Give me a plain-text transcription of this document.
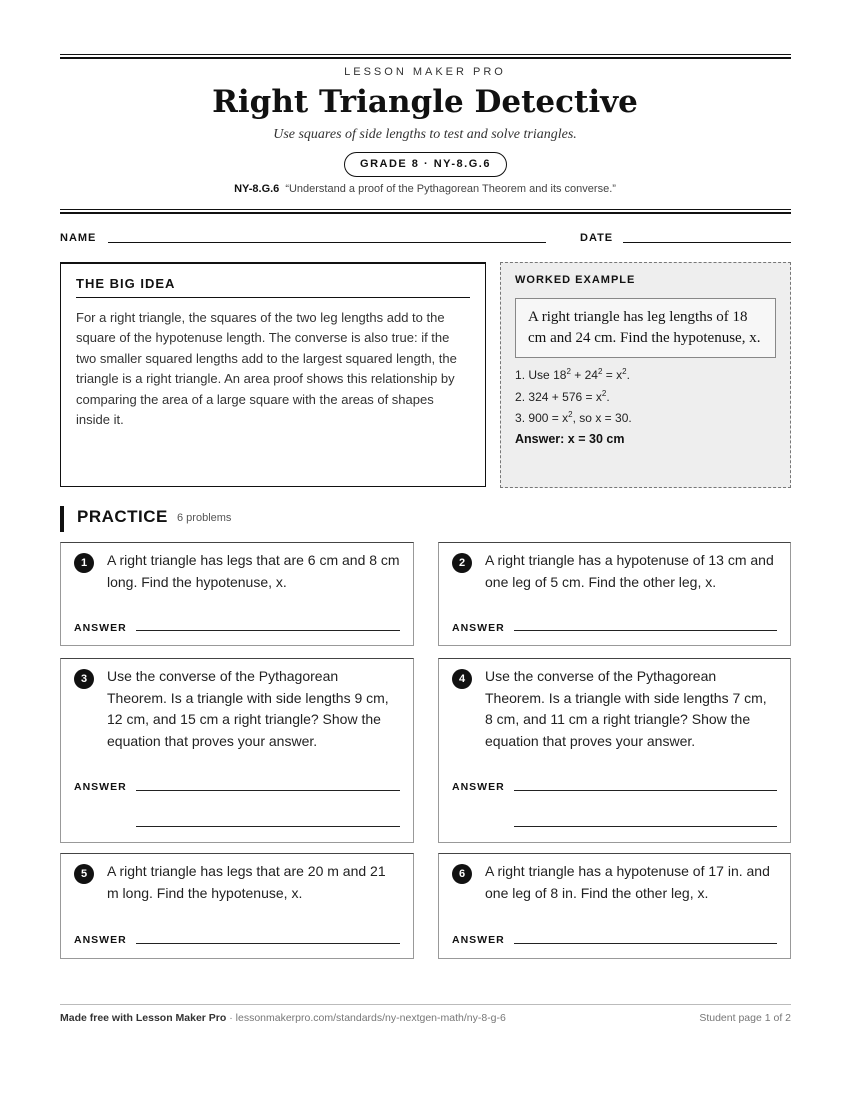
LESSON MAKER PRO
Right Triangle Detective
Use squares of side lengths to test and solve triangles.
GRADE 8 · NY-8.G.6
NY-8.G.6 “Understand a proof of the Pythagorean Theorem and its converse.”
NAME	DATE
THE BIG IDEA
For a right triangle, the squares of the two leg lengths add to the square of the hypotenuse length. The converse is also true: if the two smaller squared lengths add to the largest squared length, the triangle is a right triangle. An area proof shows this relationship by comparing the area of a large square with the areas of shapes inside it.
WORKED EXAMPLE
A right triangle has leg lengths of 18 cm and 24 cm. Find the hypotenuse, x.
1. Use $18^2 + 24^2 = x^2$.
2. $324 + 576 = x^2$.
3. $900 = x^2$, so x = 30.
Answer: x = 30 cm
PRACTICE 6 problems
1	A right triangle has legs that are 6 cm and 8 cm long. Find the hypotenuse, x.
ANSWER
2	A right triangle has a hypotenuse of 13 cm and one leg of 5 cm. Find the other leg, x.
ANSWER
3	Use the converse of the Pythagorean Theorem. Is a triangle with side lengths 9 cm, 12 cm, and 15 cm a right triangle? Show the equation that proves your answer.
ANSWER
4	Use the converse of the Pythagorean Theorem. Is a triangle with side lengths 7 cm, 8 cm, and 11 cm a right triangle? Show the equation that proves your answer.
ANSWER
5	A right triangle has legs that are 20 m and 21 m long. Find the hypotenuse, x.
ANSWER
6	A right triangle has a hypotenuse of 17 in. and one leg of 8 in. Find the other leg, x.
ANSWER
Made free with Lesson Maker Pro · lessonmakerpro.com/standards/ny-nextgen-math/ny-8-g-6	Student page 1 of 2
